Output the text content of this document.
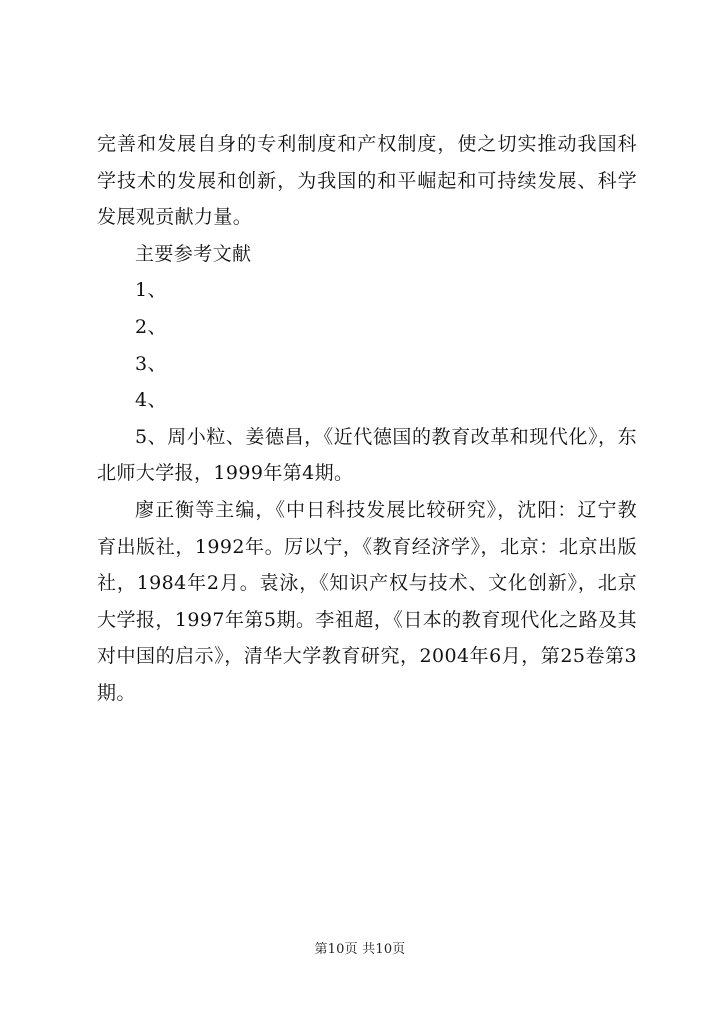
完善和发展自身的专利制度和产权制度，使之切实推动我国科学技术的发展和创新，为我国的和平崛起和可持续发展、科学发展观贡献力量。

主要参考文献

1、

2、

3、

4、

5、周小粒、姜德昌，《近代德国的教育改革和现代化》，东北师大学报，1999年第4期。

廖正衡等主编，《中日科技发展比较研究》，沈阳：辽宁教育出版社，1992年。厉以宁，《教育经济学》，北京：北京出版社，1984年2月。袁泳，《知识产权与技术、文化创新》，北京大学报，1997年第5期。李祖超，《日本的教育现代化之路及其对中国的启示》，清华大学教育研究，2004年6月，第25卷第3期。

第10页 共10页
